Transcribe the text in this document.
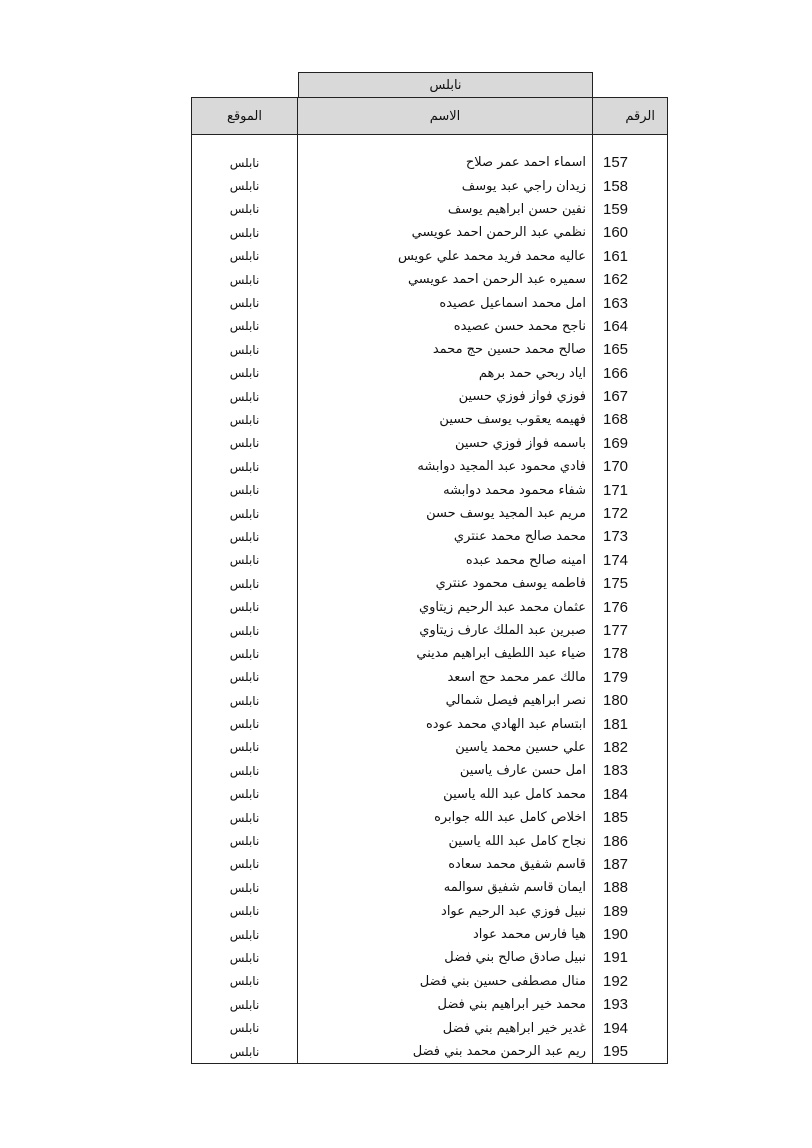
نابلس
الرقم	الاسم	الموقع

157	اسماء احمد عمر صلاح	نابلس
158	زيدان راجي عبد يوسف	نابلس
159	نفين حسن ابراهيم يوسف	نابلس
160	نظمي عبد الرحمن احمد عويسي	نابلس
161	عاليه محمد فريد محمد علي عويس	نابلس
162	سميره عبد الرحمن احمد عويسي	نابلس
163	امل محمد اسماعيل عصيده	نابلس
164	ناجح محمد حسن عصيده	نابلس
165	صالح محمد حسين حج محمد	نابلس
166	اياد ربحي حمد برهم	نابلس
167	فوزي فواز فوزي حسين	نابلس
168	فهيمه يعقوب يوسف حسين	نابلس
169	باسمه فواز فوزي حسين	نابلس
170	فادي محمود عبد المجيد دوابشه	نابلس
171	شفاء محمود محمد دوابشه	نابلس
172	مريم عبد المجيد يوسف حسن	نابلس
173	محمد صالح محمد عنتري	نابلس
174	امينه صالح محمد عبده	نابلس
175	فاطمه يوسف محمود عنتري	نابلس
176	عثمان محمد عبد الرحيم زيتاوي	نابلس
177	صبرين عبد الملك عارف زيتاوي	نابلس
178	ضياء عبد اللطيف ابراهيم مديني	نابلس
179	مالك عمر محمد حج اسعد	نابلس
180	نصر ابراهيم فيصل شمالي	نابلس
181	ابتسام عبد الهادي محمد عوده	نابلس
182	علي حسين محمد ياسين	نابلس
183	امل حسن عارف ياسين	نابلس
184	محمد كامل عبد الله ياسين	نابلس
185	اخلاص كامل عبد الله جوابره	نابلس
186	نجاح كامل عبد الله ياسين	نابلس
187	قاسم شفيق محمد سعاده	نابلس
188	ايمان قاسم شفيق سوالمه	نابلس
189	نبيل فوزي عبد الرحيم عواد	نابلس
190	هيا فارس محمد عواد	نابلس
191	نبيل صادق صالح بني فضل	نابلس
192	منال مصطفى حسين بني فضل	نابلس
193	محمد خير ابراهيم بني فضل	نابلس
194	غدير خير ابراهيم بني فضل	نابلس
195	ريم عبد الرحمن محمد بني فضل	نابلس
